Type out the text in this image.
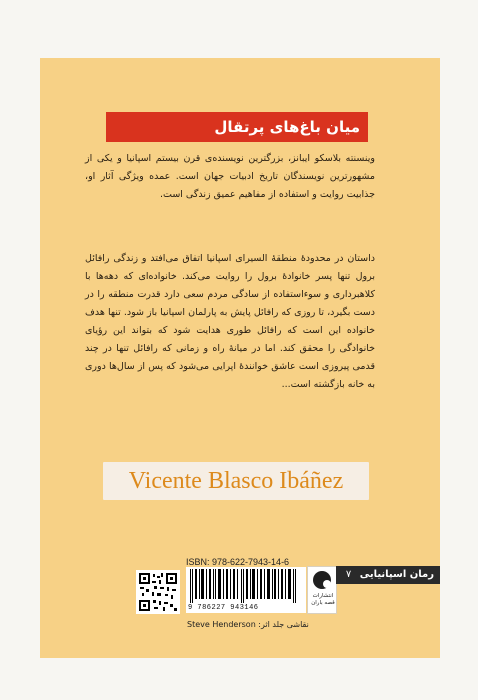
میان باغ‌های پرتقال
وینسنته بلاسکو ایبانز، بزرگترین نویسنده‌ی قرن بیستم اسپانیا و یکی از مشهورترین نویسندگان تاریخ ادبیات جهان است. عمده ویژگی آثار او، جذابیت روایت و استفاده از مفاهیم عمیق زندگی است.
داستان در محدودهٔ منطقهٔ السیرای اسپانیا اتفاق می‌افتد و زندگی رافائل برول تنها پسر خانوادهٔ برول را روایت می‌کند. خانواده‌ای که دهه‌ها با کلاهبرداری و سوءاستفاده از سادگی مردم سعی دارد قدرت منطقه را در دست بگیرد، تا روزی که رافائل پایش به پارلمان اسپانیا باز شود. تنها هدف خانواده این است که رافائل طوری هدایت شود که بتواند این رؤیای خانوادگی را محقق کند. اما در میانهٔ راه و زمانی که رافائل تنها در چند قدمی پیروزی است عاشق خوانندهٔ اپرایی می‌شود که پس از سال‌ها دوری به خانه بازگشته است...
Vicente Blasco Ibáñez
ISBN: 978-622-7943-14-6
9 786227 943146
انتشارات قصه باران
رمان اسپانیایی ۷
نقاشی جلد اثر: Steve Henderson
